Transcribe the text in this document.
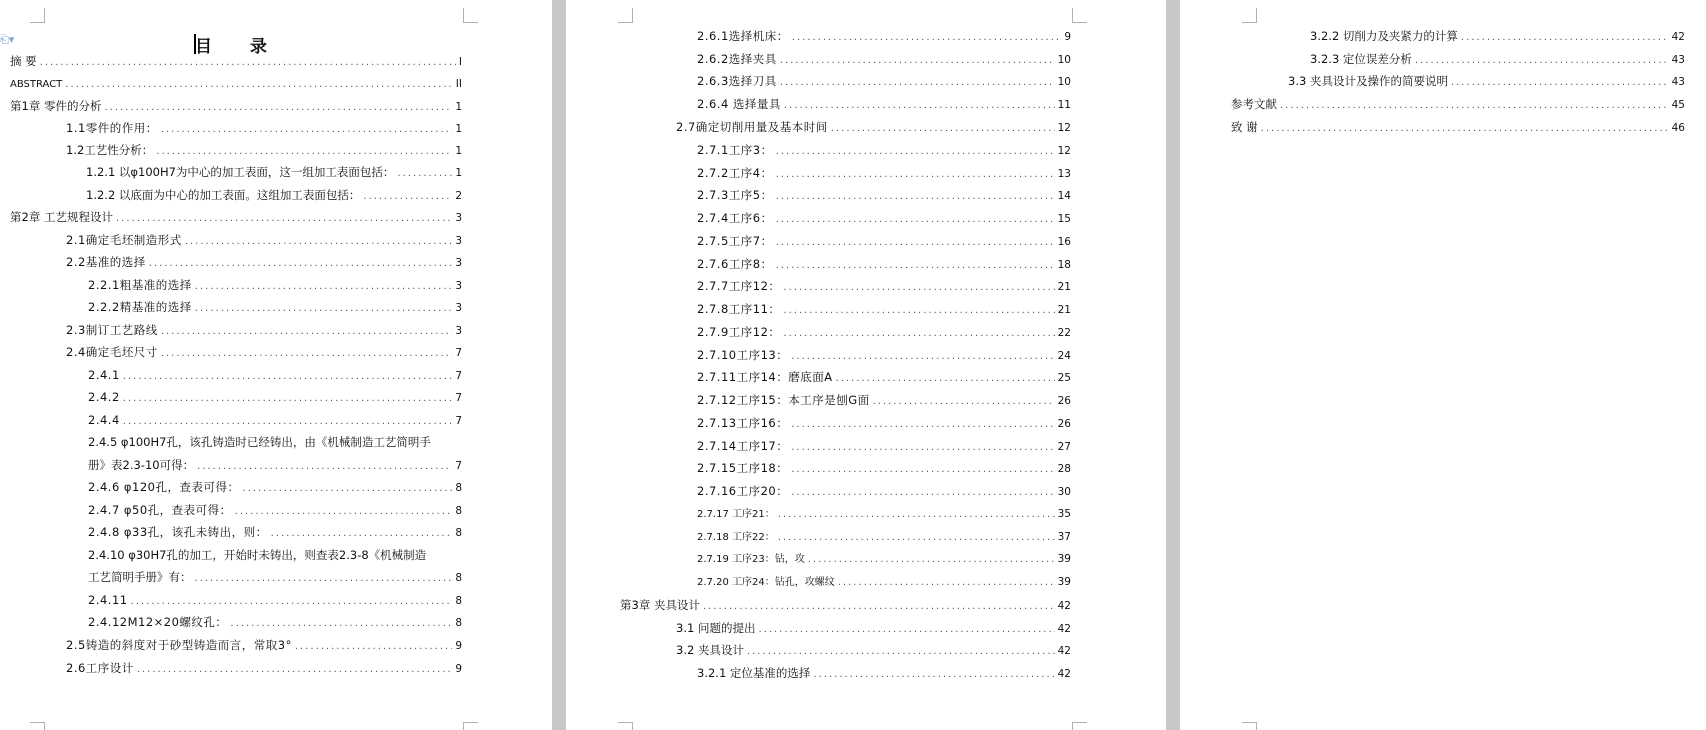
⎗▾	目 录
摘 要 .....	I
ABSTRACT .....	II
第1章 零件的分析 .....	1
1.1零件的作用： .....	1
1.2工艺性分析： .....	1
1.2.1 以φ100H7为中心的加工表面，这一组加工表面包括： .....	1
1.2.2 以底面为中心的加工表面。这组加工表面包括： .....	2
第2章 工艺规程设计 .....	3
2.1确定毛坯制造形式 .....	3
2.2基准的选择 .....	3
2.2.1粗基准的选择 .....	3
2.2.2精基准的选择 .....	3
2.3制订工艺路线 .....	3
2.4确定毛坯尺寸 .....	7
2.4.1 .....	7
2.4.2 .....	7
2.4.4 .....	7
2.4.5 φ100H7孔，该孔铸造时已经铸出，由《机械制造工艺简明手
册》表2.3-10可得： .....	7
2.4.6 φ120孔，查表可得： .....	8
2.4.7 φ50孔，查表可得： .....	8
2.4.8 φ33孔，该孔未铸出，则： .....	8
2.4.10 φ30H7孔的加工，开始时未铸出，则查表2.3-8《机械制造
工艺简明手册》有： .....	8
2.4.11 .....	8
2.4.12M12×20螺纹孔： .....	8
2.5铸造的斜度对于砂型铸造而言，常取3° .....	9
2.6工序设计 .....	9
2.6.1选择机床： .....	9
2.6.2选择夹具 .....	10
2.6.3选择刀具 .....	10
2.6.4 选择量具 .....	11
2.7确定切削用量及基本时间 .....	12
2.7.1工序3： .....	12
2.7.2工序4： .....	13
2.7.3工序5： .....	14
2.7.4工序6： .....	15
2.7.5工序7： .....	16
2.7.6工序8： .....	18
2.7.7工序12： .....	21
2.7.8工序11： .....	21
2.7.9工序12： .....	22
2.7.10工序13： .....	24
2.7.11工序14：磨底面A .....	25
2.7.12工序15：本工序是刨G面 .....	26
2.7.13工序16： .....	26
2.7.14工序17： .....	27
2.7.15工序18： .....	28
2.7.16工序20： .....	30
2.7.17 工序21： .....	35
2.7.18 工序22： .....	37
2.7.19 工序23：钻，攻 .....	39
2.7.20 工序24：钻孔，攻螺纹 .....	39
第3章 夹具设计 .....	42
3.1 问题的提出 .....	42
3.2 夹具设计 .....	42
3.2.1 定位基准的选择 .....	42
3.2.2 切削力及夹紧力的计算 .....	42
3.2.3 定位误差分析 .....	43
3.3 夹具设计及操作的简要说明 .....	43
参考文献 .....	45
致 谢 .....	46
